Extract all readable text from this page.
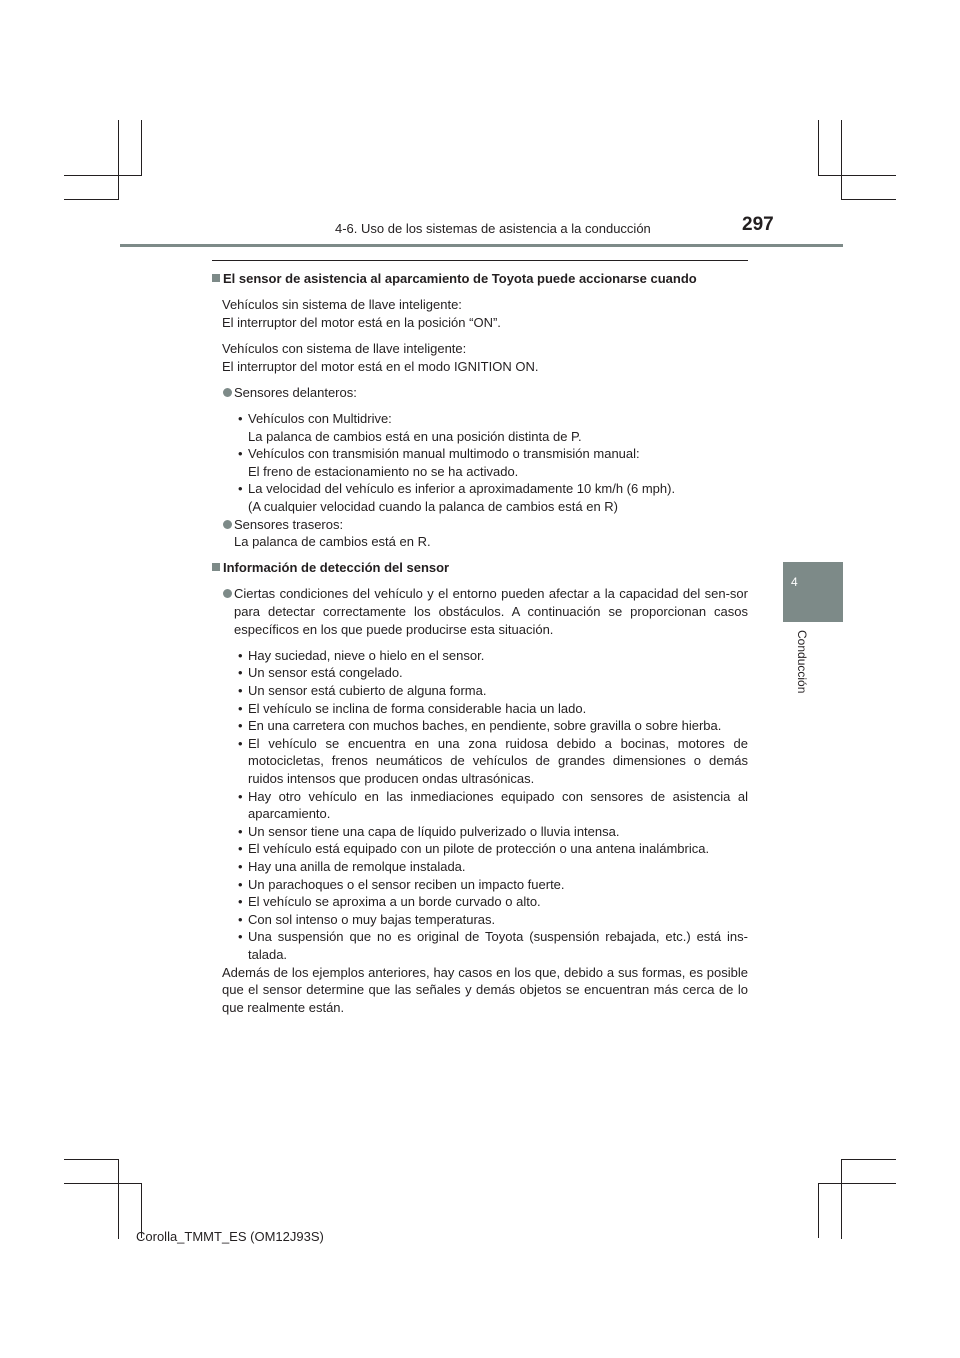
4-6. Uso de los sistemas de asistencia a la conducción	297
4
Conducción
El sensor de asistencia al aparcamiento de Toyota puede accionarse cuando
Vehículos sin sistema de llave inteligente:
El interruptor del motor está en la posición “ON”.
Vehículos con sistema de llave inteligente:
El interruptor del motor está en el modo IGNITION ON.
Sensores delanteros:
• Vehículos con Multidrive:
La palanca de cambios está en una posición distinta de P.
• Vehículos con transmisión manual multimodo o transmisión manual:
El freno de estacionamiento no se ha activado.
• La velocidad del vehículo es inferior a aproximadamente 10 km/h (6 mph).
(A cualquier velocidad cuando la palanca de cambios está en R)
Sensores traseros:
La palanca de cambios está en R.
Información de detección del sensor
Ciertas condiciones del vehículo y el entorno pueden afectar a la capacidad del sen-sor para detectar correctamente los obstáculos. A continuación se proporcionan casos específicos en los que puede producirse esta situación.
• Hay suciedad, nieve o hielo en el sensor.
• Un sensor está congelado.
• Un sensor está cubierto de alguna forma.
• El vehículo se inclina de forma considerable hacia un lado.
• En una carretera con muchos baches, en pendiente, sobre gravilla o sobre hierba.
• El vehículo se encuentra en una zona ruidosa debido a bocinas, motores de motocicletas, frenos neumáticos de vehículos de grandes dimensiones o demás ruidos intensos que producen ondas ultrasónicas.
• Hay otro vehículo en las inmediaciones equipado con sensores de asistencia al aparcamiento.
• Un sensor tiene una capa de líquido pulverizado o lluvia intensa.
• El vehículo está equipado con un pilote de protección o una antena inalámbrica.
• Hay una anilla de remolque instalada.
• Un parachoques o el sensor reciben un impacto fuerte.
• El vehículo se aproxima a un borde curvado o alto.
• Con sol intenso o muy bajas temperaturas.
• Una suspensión que no es original de Toyota (suspensión rebajada, etc.) está ins-talada.
Además de los ejemplos anteriores, hay casos en los que, debido a sus formas, es posible que el sensor determine que las señales y demás objetos se encuentran más cerca de lo que realmente están.
Corolla_TMMT_ES (OM12J93S)
